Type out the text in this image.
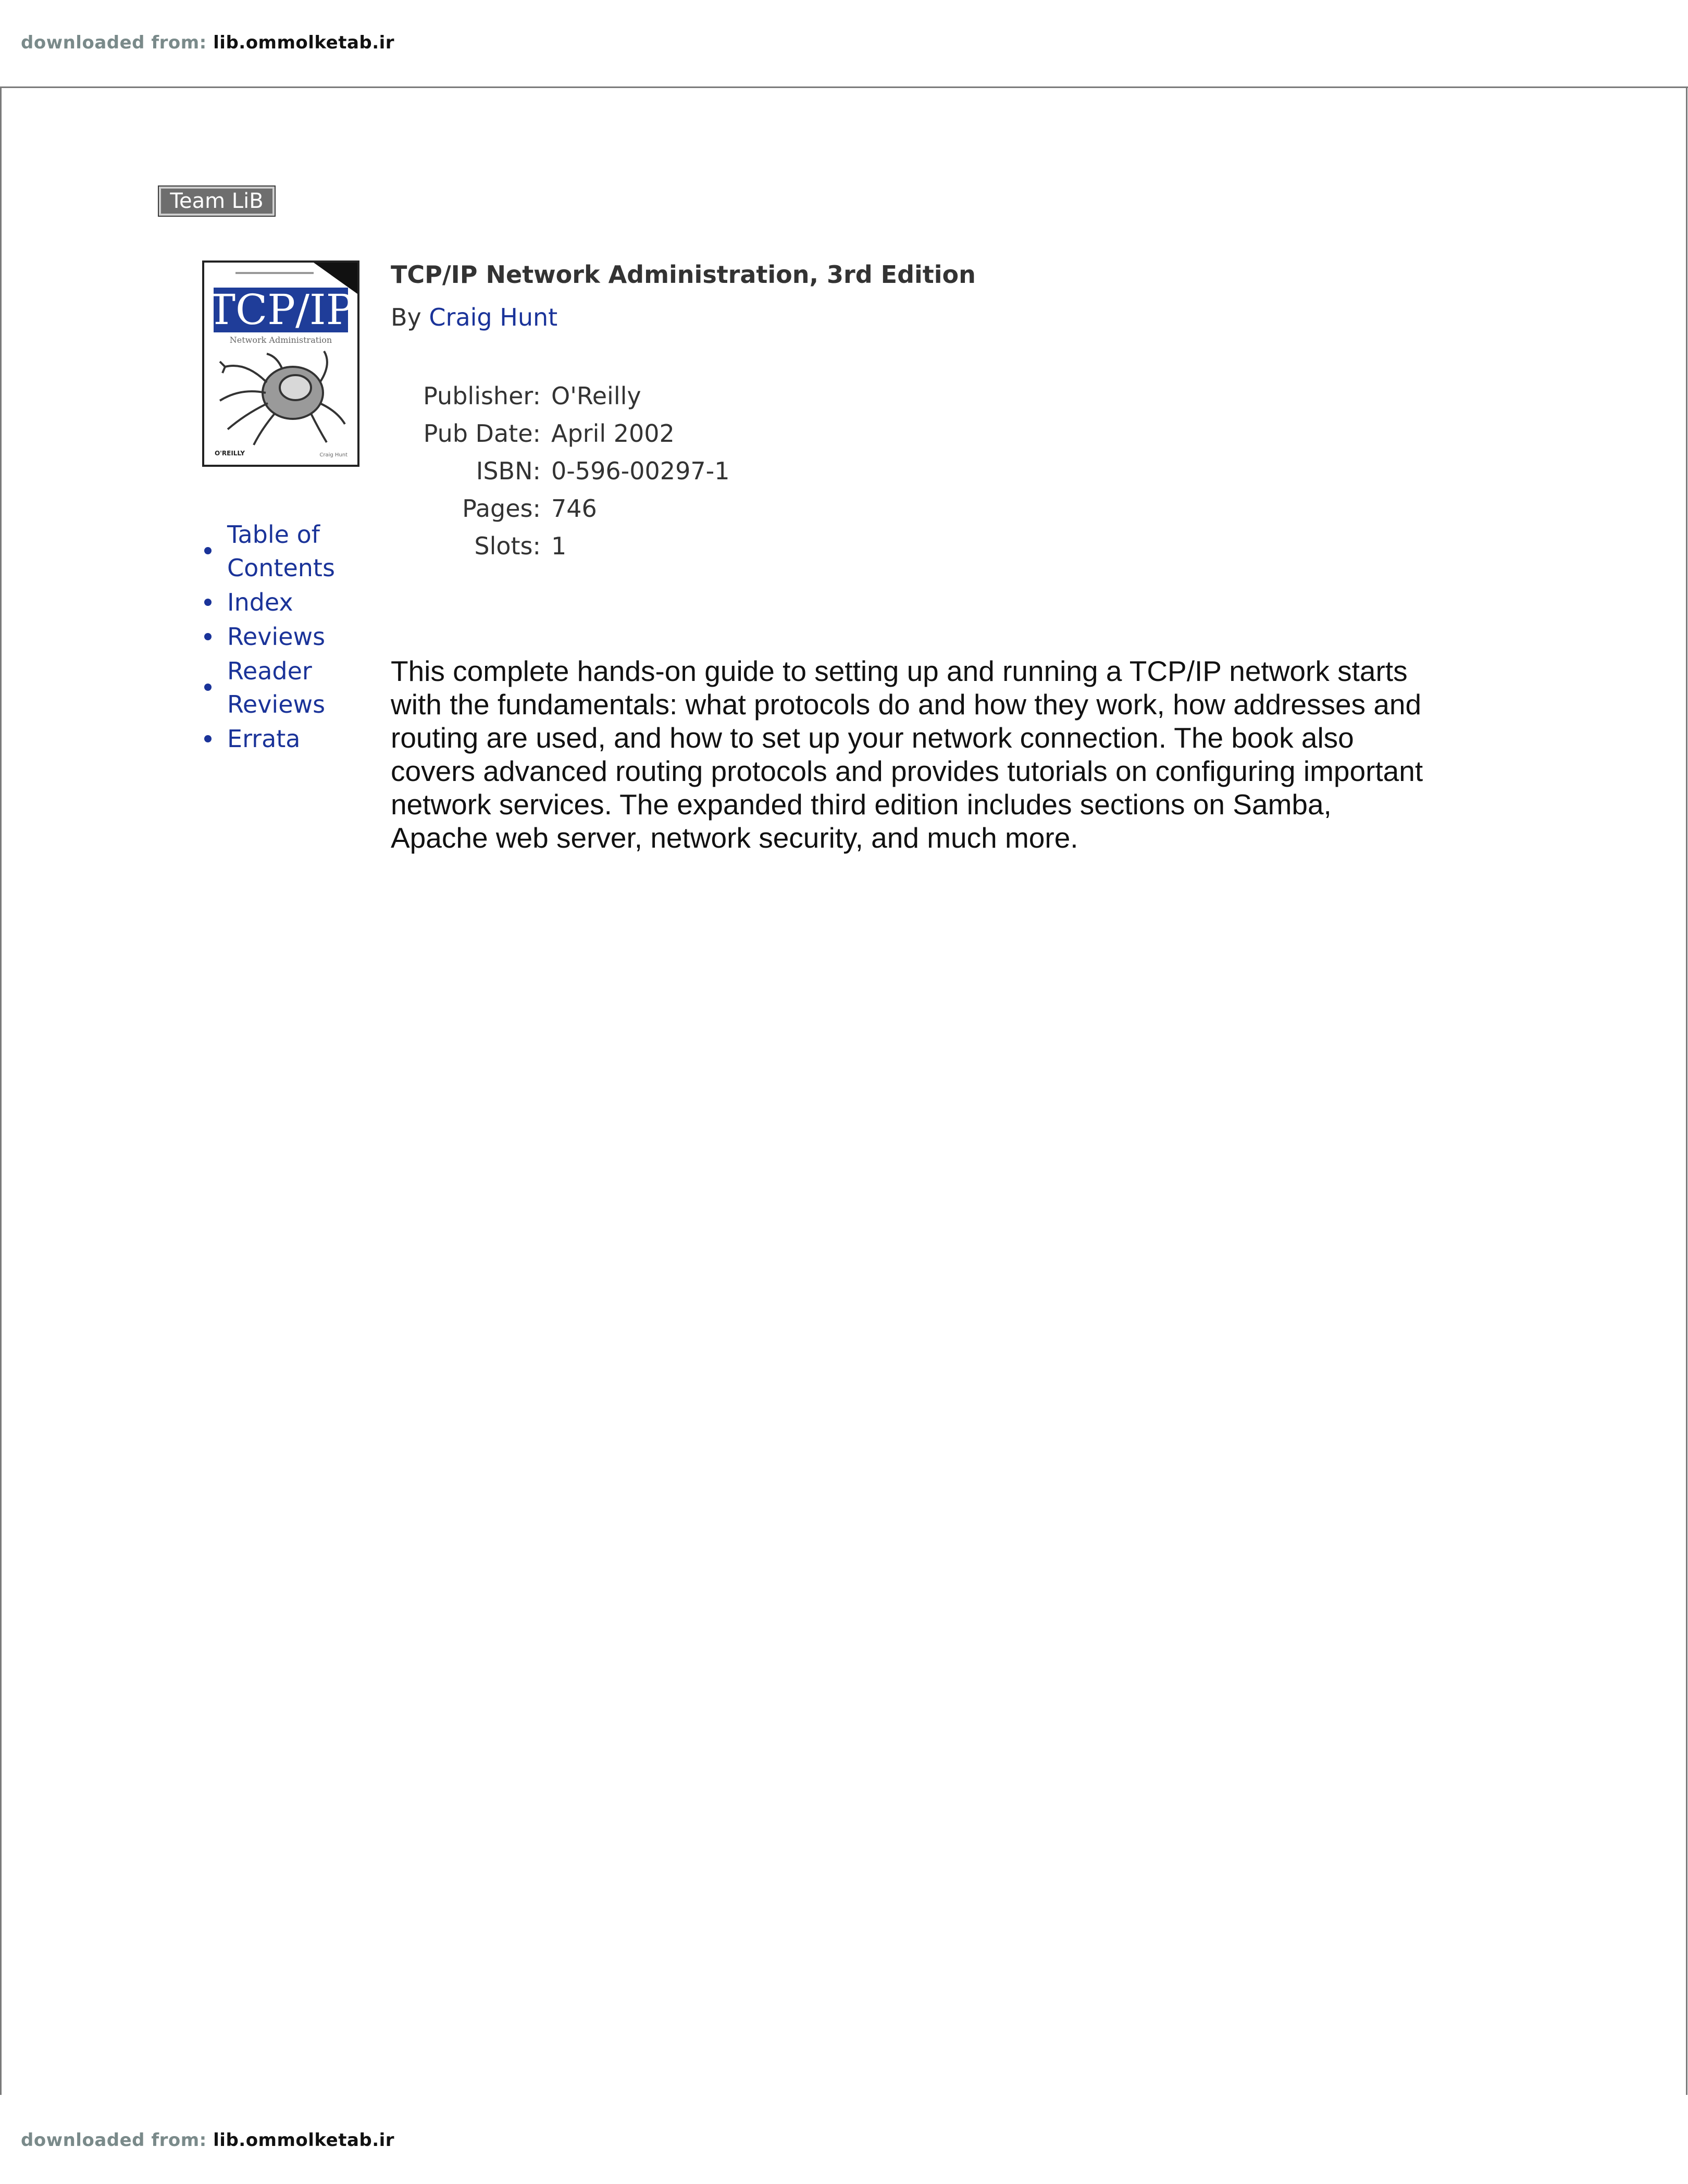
downloaded from: lib.ommolketab.ir
Team LiB
TCP/IP
Network Administration
O'REILLY	Craig Hunt
TCP/IP Network Administration, 3rd Edition
By Craig Hunt
Publisher: O'Reilly
Pub Date: April 2002
ISBN: 0-596-00297-1
Pages: 746
Slots: 1
Table of
Contents
Index
Reviews
Reader
Reviews
Errata

This complete hands-on guide to setting up and running a TCP/IP network starts with the fundamentals: what protocols do and how they work, how addresses and routing are used, and how to set up your network connection. The book also covers advanced routing protocols and provides tutorials on configuring important network services. The expanded third edition includes sections on Samba, Apache web server, network security, and much more.

downloaded from: lib.ommolketab.ir
